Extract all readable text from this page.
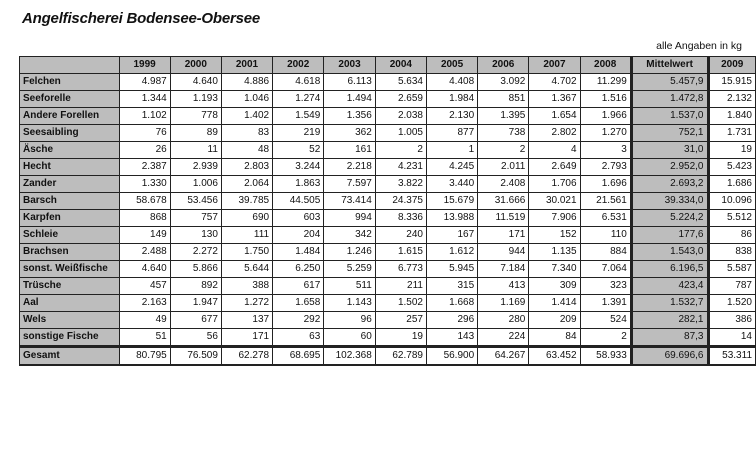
Angelfischerei Bodensee-Obersee
alle Angaben in kg
	1999	2000	2001	2002	2003	2004	2005	2006	2007	2008	Mittelwert	2009
Felchen	4.987	4.640	4.886	4.618	6.113	5.634	4.408	3.092	4.702	11.299	5.457,9	15.915
Seeforelle	1.344	1.193	1.046	1.274	1.494	2.659	1.984	851	1.367	1.516	1.472,8	2.132
Andere Forellen	1.102	778	1.402	1.549	1.356	2.038	2.130	1.395	1.654	1.966	1.537,0	1.840
Seesaibling	76	89	83	219	362	1.005	877	738	2.802	1.270	752,1	1.731
Äsche	26	11	48	52	161	2	1	2	4	3	31,0	19
Hecht	2.387	2.939	2.803	3.244	2.218	4.231	4.245	2.011	2.649	2.793	2.952,0	5.423
Zander	1.330	1.006	2.064	1.863	7.597	3.822	3.440	2.408	1.706	1.696	2.693,2	1.686
Barsch	58.678	53.456	39.785	44.505	73.414	24.375	15.679	31.666	30.021	21.561	39.334,0	10.096
Karpfen	868	757	690	603	994	8.336	13.988	11.519	7.906	6.531	5.224,2	5.512
Schleie	149	130	111	204	342	240	167	171	152	110	177,6	86
Brachsen	2.488	2.272	1.750	1.484	1.246	1.615	1.612	944	1.135	884	1.543,0	838
sonst. Weißfische	4.640	5.866	5.644	6.250	5.259	6.773	5.945	7.184	7.340	7.064	6.196,5	5.587
Trüsche	457	892	388	617	511	211	315	413	309	323	423,4	787
Aal	2.163	1.947	1.272	1.658	1.143	1.502	1.668	1.169	1.414	1.391	1.532,7	1.520
Wels	49	677	137	292	96	257	296	280	209	524	282,1	386
sonstige Fische	51	56	171	63	60	19	143	224	84	2	87,3	14
Gesamt	80.795	76.509	62.278	68.695	102.368	62.789	56.900	64.267	63.452	58.933	69.696,6	53.311
